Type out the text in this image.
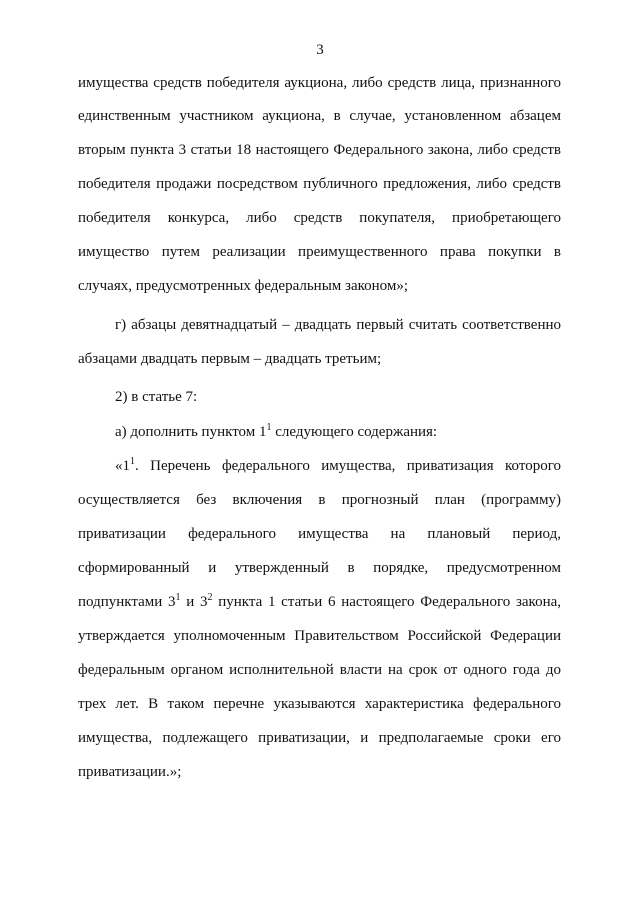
3
имущества средств победителя аукциона, либо средств лица, признанного
единственным участником аукциона, в случае, установленном абзацем
вторым пункта 3 статьи 18 настоящего Федерального закона, либо средств
победителя продажи посредством публичного предложения, либо средств
победителя конкурса, либо средств покупателя, приобретающего
имущество путем реализации преимущественного права покупки в
случаях, предусмотренных федеральным законом»;
г) абзацы девятнадцатый – двадцать первый считать соответственно
абзацами двадцать первым – двадцать третьим;
2) в статье 7:
а) дополнить пунктом $1^1$ следующего содержания:
«$1^1$. Перечень федерального имущества, приватизация которого
осуществляется без включения в прогнозный план (программу)
приватизации федерального имущества на плановый период,
сформированный и утвержденный в порядке, предусмотренном
подпунктами $3^1$ и $3^2$ пункта 1 статьи 6 настоящего Федерального закона,
утверждается уполномоченным Правительством Российской Федерации
федеральным органом исполнительной власти на срок от одного года до
трех лет. В таком перечне указываются характеристика федерального
имущества, подлежащего приватизации, и предполагаемые сроки его
приватизации.»;
